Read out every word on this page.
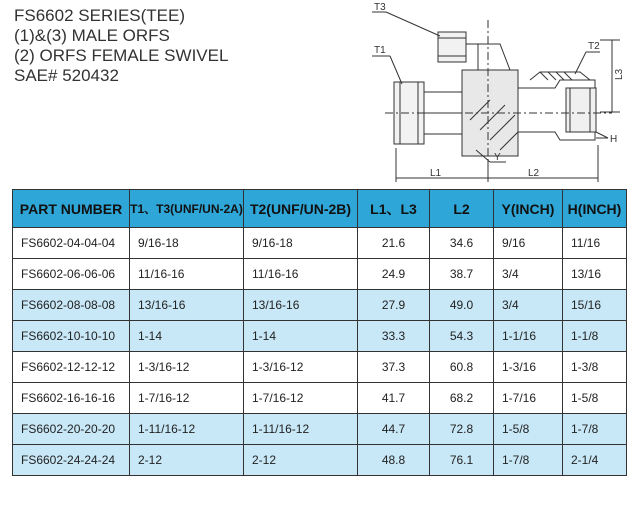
FS6602 SERIES(TEE)
(1)&(3) MALE ORFS
(2) ORFS FEMALE SWIVEL
SAE# 520432
T3
T1	T2
L3
H
Y
L1	L2
PART NUMBER	T1、T3(UNF/UN-2A)	T2(UNF/UN-2B)	L1、L3	L2	Y(INCH)	H(INCH)
FS6602-04-04-04	9/16-18	9/16-18	21.6	34.6	9/16	11/16
FS6602-06-06-06	11/16-16	11/16-16	24.9	38.7	3/4	13/16
FS6602-08-08-08	13/16-16	13/16-16	27.9	49.0	3/4	15/16
FS6602-10-10-10	1-14	1-14	33.3	54.3	1-1/16	1-1/8
FS6602-12-12-12	1-3/16-12	1-3/16-12	37.3	60.8	1-3/16	1-3/8
FS6602-16-16-16	1-7/16-12	1-7/16-12	41.7	68.2	1-7/16	1-5/8
FS6602-20-20-20	1-11/16-12	1-11/16-12	44.7	72.8	1-5/8	1-7/8
FS6602-24-24-24	2-12	2-12	48.8	76.1	1-7/8	2-1/4
